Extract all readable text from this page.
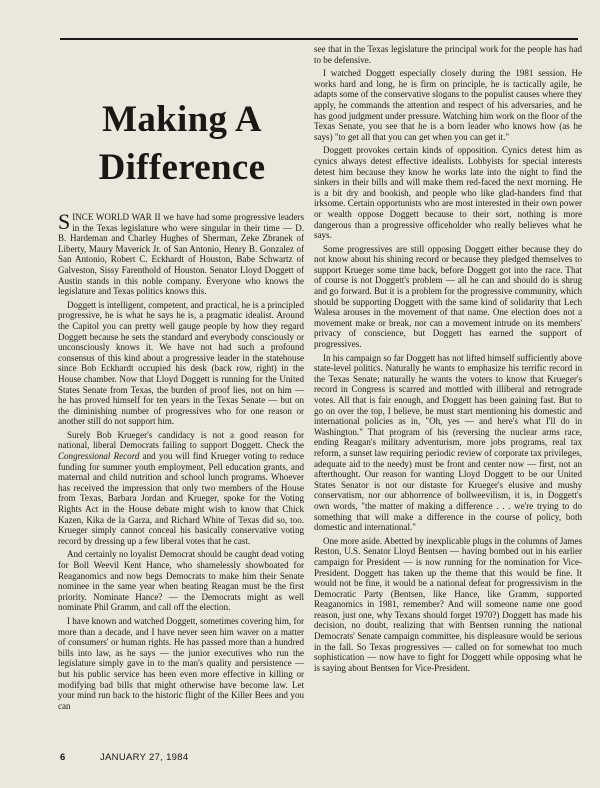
Making A
Difference

SINCE WORLD WAR II we have had some progressive leaders in the Texas legislature who were singular in their time — D. B. Hardeman and Charley Hughes of Sherman, Zeke Zbranek of Liberty, Maury Maverick Jr. of San Antonio, Henry B. Gonzalez of San Antonio, Robert C. Eckhardt of Houston, Babe Schwartz of Galveston, Sissy Farenthold of Houston. Senator Lloyd Doggett of Austin stands in this noble company. Everyone who knows the legislature and Texas politics knows this.

Doggett is intelligent, competent, and practical, he is a principled progressive, he is what he says he is, a pragmatic idealist. Around the Capitol you can pretty well gauge people by how they regard Doggett because he sets the standard and everybody consciously or unconsciously knows it. We have not had such a profound consensus of this kind about a progressive leader in the statehouse since Bob Eckhardt occupied his desk (back row, right) in the House chamber. Now that Lloyd Doggett is running for the United States Senate from Texas, the burden of proof lies, not on him — he has proved himself for ten years in the Texas Senate — but on the diminishing number of progressives who for one reason or another still do not support him.

Surely Bob Krueger's candidacy is not a good reason for national, liberal Democrats failing to support Doggett. Check the Congressional Record and you will find Krueger voting to reduce funding for summer youth employment, Pell education grants, and maternal and child nutrition and school lunch programs. Whoever has received the impression that only two members of the House from Texas, Barbara Jordan and Krueger, spoke for the Voting Rights Act in the House debate might wish to know that Chick Kazen, Kika de la Garza, and Richard White of Texas did so, too. Krueger simply cannot conceal his basically conservative voting record by dressing up a few liberal votes that he cast.

And certainly no loyalist Democrat should be caught dead voting for Boll Weevil Kent Hance, who shamelessly showboated for Reaganomics and now begs Democrats to make him their Senate nominee in the same year when beating Reagan must be the first priority. Nominate Hance? — the Democrats might as well nominate Phil Gramm, and call off the election.

I have known and watched Doggett, sometimes covering him, for more than a decade, and I have never seen him waver on a matter of consumers' or human rights. He has passed more than a hundred bills into law, as he says — the junior executives who run the legislature simply gave in to the man's quality and persistence — but his public service has been even more effective in killing or modifying bad bills that might otherwise have become law. Let your mind run back to the historic flight of the Killer Bees and you can

see that in the Texas legislature the principal work for the people has had to be defensive.

I watched Doggett especially closely during the 1981 session. He works hard and long, he is firm on principle, he is tactically agile, he adapts some of the conservative slogans to the populist causes where they apply, he commands the attention and respect of his adversaries, and he has good judgment under pressure. Watching him work on the floor of the Texas Senate, you see that he is a born leader who knows how (as he says) "to get all that you can get when you can get it."

Doggett provokes certain kinds of opposition. Cynics detest him as cynics always detest effective idealists. Lobbyists for special interests detest him because they know he works late into the night to find the sinkers in their bills and will make them red-faced the next morning. He is a bit dry and bookish, and people who like glad-handers find that irksome. Certain opportunists who are most interested in their own power or wealth oppose Doggett because to their sort, nothing is more dangerous than a progressive officeholder who really believes what he says.

Some progressives are still opposing Doggett either because they do not know about his shining record or because they pledged themselves to support Krueger some time back, before Doggett got into the race. That of course is not Doggett's problem — all he can and should do is shrug and go forward. But it is a problem for the progressive community, which should be supporting Doggett with the same kind of solidarity that Lech Walesa arouses in the movement of that name. One election does not a movement make or break, nor can a movement intrude on its members' privacy of conscience, but Doggett has earned the support of progressives.

In his campaign so far Doggett has not lifted himself sufficiently above state-level politics. Naturally he wants to emphasize his terrific record in the Texas Senate; naturally he wants the voters to know that Krueger's record in Congress is scarred and mottled with illiberal and retrograde votes. All that is fair enough, and Doggett has been gaining fast. But to go on over the top, I believe, he must start mentioning his domestic and international policies as in, "Oh, yes — and here's what I'll do in Washington." That program of his (reversing the nuclear arms race, ending Reagan's military adventurism, more jobs programs, real tax reform, a sunset law requiring periodic review of corporate tax privileges, adequate aid to the needy) must be front and center now — first, not an afterthought. Our reason for wanting Lloyd Doggett to be our United States Senator is not our distaste for Krueger's elusive and mushy conservatism, nor our abhorrence of bollweevilism, it is, in Doggett's own words, "the matter of making a difference . . . we're trying to do something that will make a difference in the course of policy, both domestic and international."

One more aside. Abetted by inexplicable plugs in the columns of James Reston, U.S. Senator Lloyd Bentsen — having bombed out in his earlier campaign for President — is now running for the nomination for Vice-President. Doggett has taken up the theme that this would be fine. It would not be fine, it would be a national defeat for progressivism in the Democratic Party (Bentsen, like Hance, like Gramm, supported Reaganomics in 1981, remember? And will someone name one good reason, just one, why Texans should forget 1970?) Doggett has made his decision, no doubt, realizing that with Bentsen running the national Democrats' Senate campaign committee, his displeasure would be serious in the fall. So Texas progressives — called on for somewhat too much sophistication — now have to fight for Doggett while opposing what he is saying about Bentsen for Vice-President.

6	JANUARY 27, 1984
